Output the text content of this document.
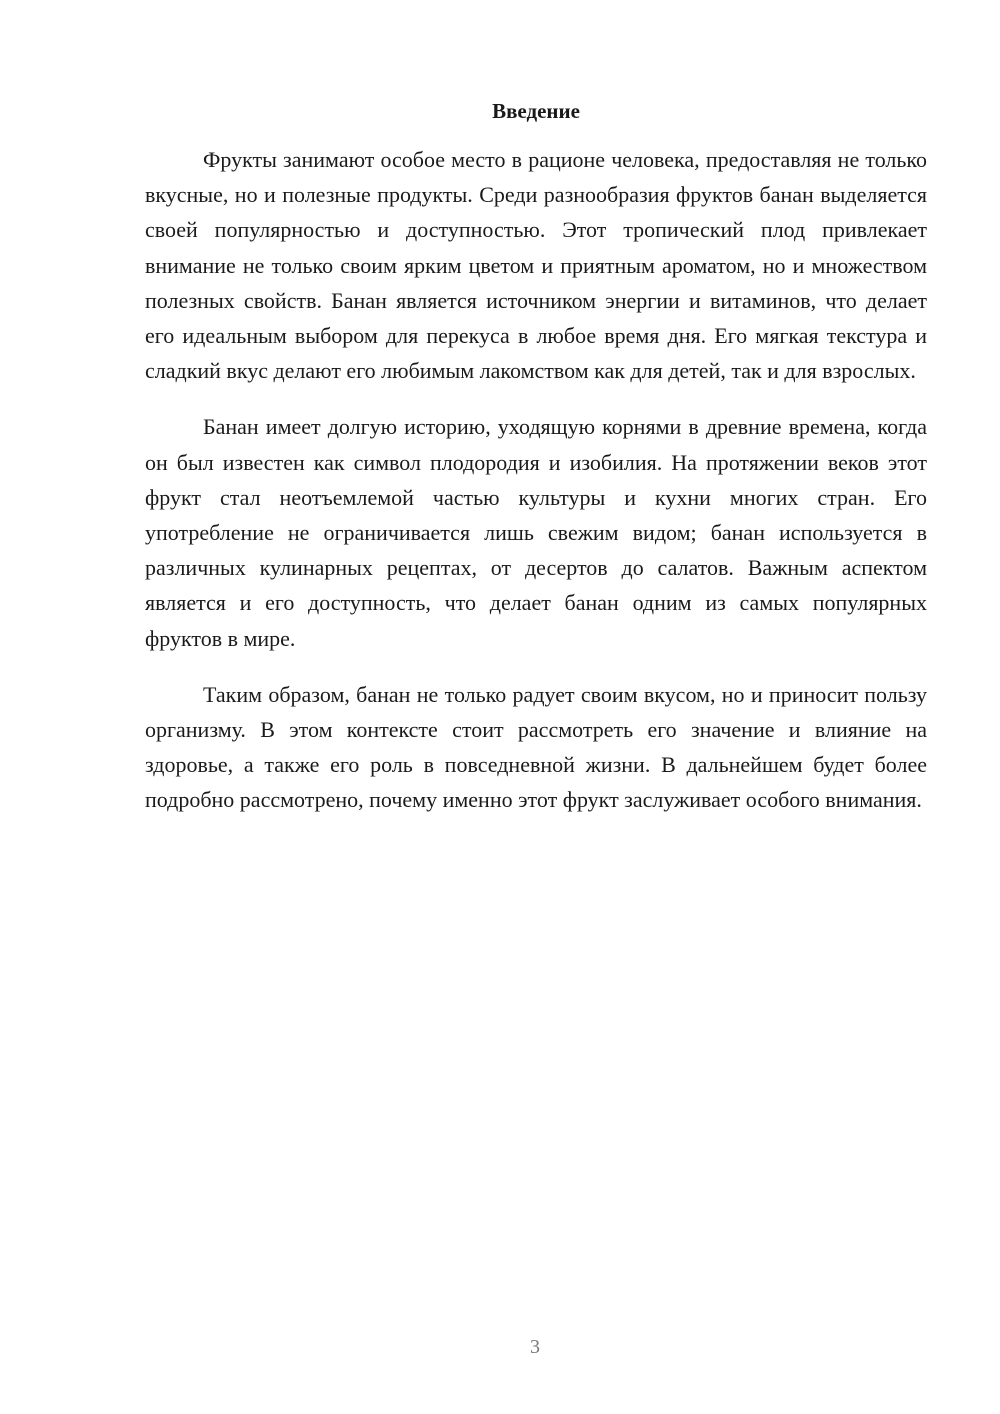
Введение

Фрукты занимают особое место в рационе человека, предоставляя не только вкусные, но и полезные продукты. Среди разнообразия фруктов банан выделяется своей популярностью и доступностью. Этот тропический плод привлекает внимание не только своим ярким цветом и приятным ароматом, но и множеством полезных свойств. Банан является источником энергии и витаминов, что делает его идеальным выбором для перекуса в любое время дня. Его мягкая текстура и сладкий вкус делают его любимым лакомством как для детей, так и для взрослых.

Банан имеет долгую историю, уходящую корнями в древние времена, когда он был известен как символ плодородия и изобилия. На протяжении веков этот фрукт стал неотъемлемой частью культуры и кухни многих стран. Его употребление не ограничивается лишь свежим видом; банан используется в различных кулинарных рецептах, от десертов до салатов. Важным аспектом является и его доступность, что делает банан одним из самых популярных фруктов в мире.

Таким образом, банан не только радует своим вкусом, но и приносит пользу организму. В этом контексте стоит рассмотреть его значение и влияние на здоровье, а также его роль в повседневной жизни. В дальнейшем будет более подробно рассмотрено, почему именно этот фрукт заслуживает особого внимания.

3
